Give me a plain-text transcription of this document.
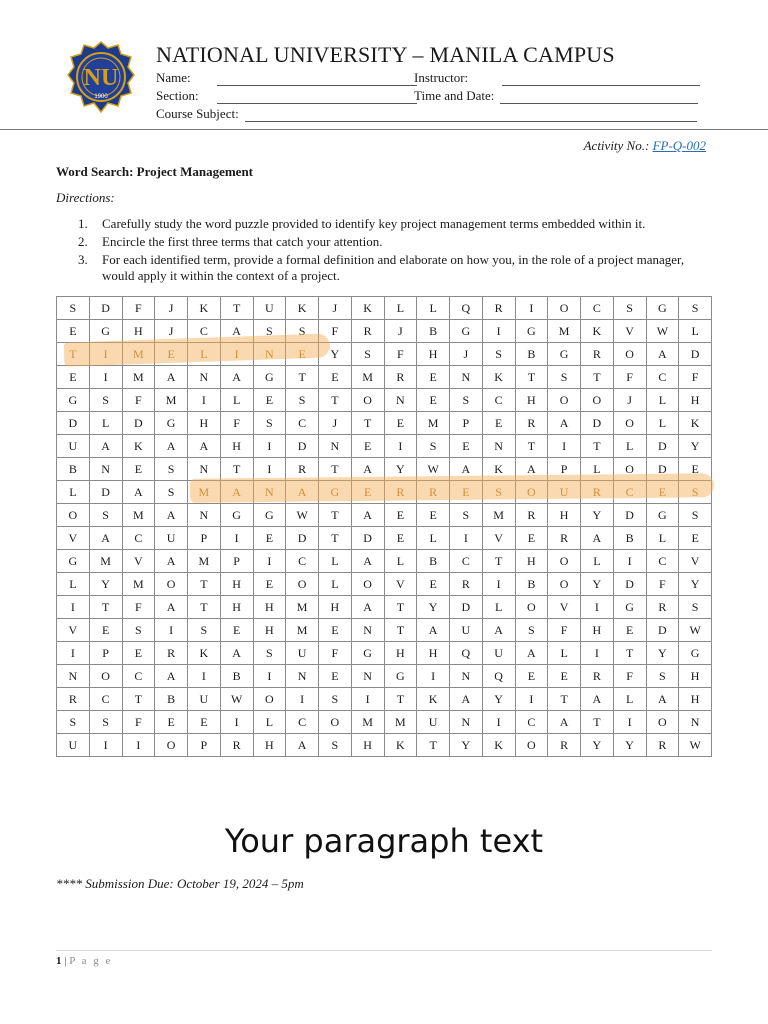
NU
1900
NATIONAL UNIVERSITY – MANILA CAMPUS
Name:	Instructor:
Section:	Time and Date:
Course Subject:
Activity No.: FP-Q-002
Word Search: Project Management
Directions:
1. Carefully study the word puzzle provided to identify key project management terms embedded within it.
2. Encircle the first three terms that catch your attention.
3. For each identified term, provide a formal definition and elaborate on how you, in the role of a project manager, would apply it within the context of a project.
S	D	F	J	K	T	U	K	J	K	L	L	Q	R	I	O	C	S	G	S
E	G	H	J	C	A	S	S	F	R	J	B	G	I	G	M	K	V	W	L
T	I	M	E	L	I	N	E	Y	S	F	H	J	S	B	G	R	O	A	D
E	I	M	A	N	A	G	T	E	M	R	E	N	K	T	S	T	F	C	F
G	S	F	M	I	L	E	S	T	O	N	E	S	C	H	O	O	J	L	H
D	L	D	G	H	F	S	C	J	T	E	M	P	E	R	A	D	O	L	K
U	A	K	A	A	H	I	D	N	E	I	S	E	N	T	I	T	L	D	Y
B	N	E	S	N	T	I	R	T	A	Y	W	A	K	A	P	L	O	D	E
L	D	A	S	M	A	N	A	G	E	R	R	E	S	O	U	R	C	E	S
O	S	M	A	N	G	G	W	T	A	E	E	S	M	R	H	Y	D	G	S
V	A	C	U	P	I	E	D	T	D	E	L	I	V	E	R	A	B	L	E
G	M	V	A	M	P	I	C	L	A	L	B	C	T	H	O	L	I	C	V
L	Y	M	O	T	H	E	O	L	O	V	E	R	I	B	O	Y	D	F	Y
I	T	F	A	T	H	H	M	H	A	T	Y	D	L	O	V	I	G	R	S
V	E	S	I	S	E	H	M	E	N	T	A	U	A	S	F	H	E	D	W
I	P	E	R	K	A	S	U	F	G	H	H	Q	U	A	L	I	T	Y	G
N	O	C	A	I	B	I	N	E	N	G	I	N	Q	E	E	R	F	S	H
R	C	T	B	U	W	O	I	S	I	T	K	A	Y	I	T	A	L	A	H
S	S	F	E	E	I	L	C	O	M	M	U	N	I	C	A	T	I	O	N
U	I	I	O	P	R	H	A	S	H	K	T	Y	K	O	R	Y	Y	R	W
Your paragraph text
**** Submission Due: October 19, 2024 – 5pm
1 | P a g e
